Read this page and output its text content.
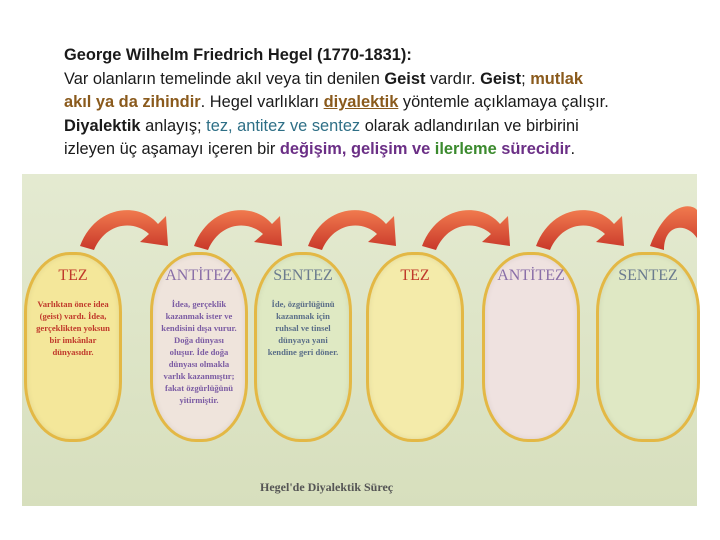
George Wilhelm Friedrich Hegel (1770-1831):
Var olanların temelinde akıl veya tin denilen Geist vardır. Geist; mutlak
akıl ya da zihindir. Hegel varlıkları diyalektik yöntemle açıklamaya çalışır.
Diyalektik anlayış; tez, antitez ve sentez olarak adlandırılan ve birbirini
izleyen üç aşamayı içeren bir değişim, gelişim ve ilerleme sürecidir.
TEZ
Varlıktan önce idea
(geist) vardı. İdea,
gerçeklikten yoksun
bir imkânlar
dünyasıdır.
ANTİTEZ
İdea, gerçeklik
kazanmak ister ve
kendisini dışa vurur.
Doğa dünyası
oluşur. İde doğa
dünyası olmakla
varlık kazanmıştır;
fakat özgürlüğünü
yitirmiştir.
SENTEZ
İde, özgürlüğünü
kazanmak için
ruhsal ve tinsel
dünyaya yani
kendine geri döner.
TEZ	ANTİTEZ	SENTEZ
Hegel'de Diyalektik Süreç
